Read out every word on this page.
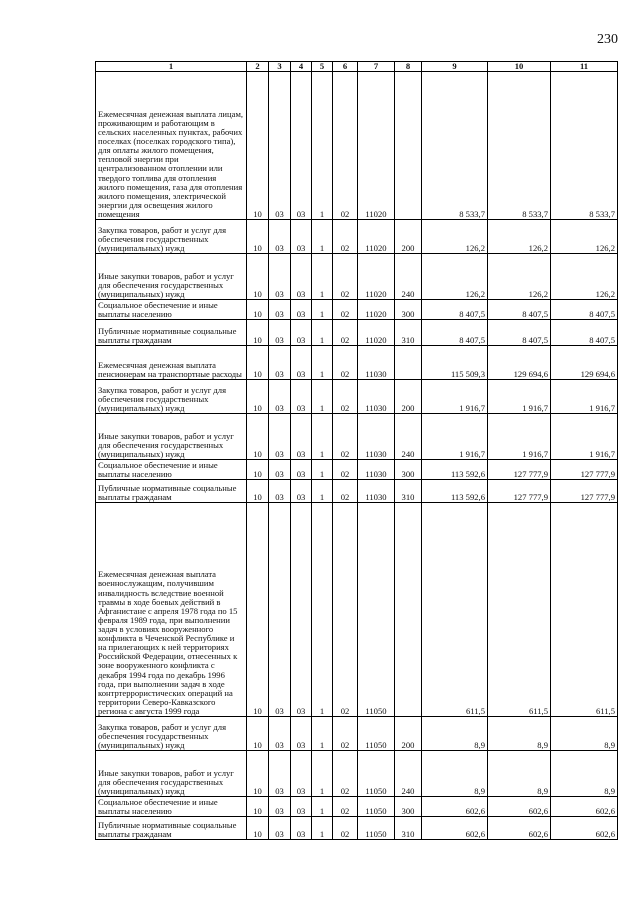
230
1	2	3	4	5	6	7	8	9	10	11
Ежемесячная денежная выплата лицам, проживающим и работающим в сельских населенных пунктах, рабочих поселках (поселках городского типа), для оплаты жилого помещения, тепловой энергии при централизованном отоплении или твердого топлива для отопления жилого помещения, газа для отопления жилого помещения, электрической энергии для освещения жилого помещения	10	03	03	1	02	11020		8 533,7	8 533,7	8 533,7
Закупка товаров, работ и услуг для обеспечения государственных (муниципальных) нужд	10	03	03	1	02	11020	200	126,2	126,2	126,2
Иные закупки товаров, работ и услуг для обеспечения государственных (муниципальных) нужд	10	03	03	1	02	11020	240	126,2	126,2	126,2
Социальное обеспечение и иные выплаты населению	10	03	03	1	02	11020	300	8 407,5	8 407,5	8 407,5
Публичные нормативные социальные выплаты гражданам	10	03	03	1	02	11020	310	8 407,5	8 407,5	8 407,5
Ежемесячная денежная выплата пенсионерам на транспортные расходы	10	03	03	1	02	11030		115 509,3	129 694,6	129 694,6
Закупка товаров, работ и услуг для обеспечения государственных (муниципальных) нужд	10	03	03	1	02	11030	200	1 916,7	1 916,7	1 916,7
Иные закупки товаров, работ и услуг для обеспечения государственных (муниципальных) нужд	10	03	03	1	02	11030	240	1 916,7	1 916,7	1 916,7
Социальное обеспечение и иные выплаты населению	10	03	03	1	02	11030	300	113 592,6	127 777,9	127 777,9
Публичные нормативные социальные выплаты гражданам	10	03	03	1	02	11030	310	113 592,6	127 777,9	127 777,9
Ежемесячная денежная выплата военнослужащим, получившим инвалидность вследствие военной травмы в ходе боевых действий в Афганистане с апреля 1978 года по 15 февраля 1989 года, при выполнении задач в условиях вооруженного конфликта в Чеченской Республике и на прилегающих к ней территориях Российской Федерации, отнесенных к зоне вооруженного конфликта с декабря 1994 года по декабрь 1996 года, при выполнении задач в ходе контртеррористических операций на территории Северо-Кавказского региона с августа 1999 года	10	03	03	1	02	11050		611,5	611,5	611,5
Закупка товаров, работ и услуг для обеспечения государственных (муниципальных) нужд	10	03	03	1	02	11050	200	8,9	8,9	8,9
Иные закупки товаров, работ и услуг для обеспечения государственных (муниципальных) нужд	10	03	03	1	02	11050	240	8,9	8,9	8,9
Социальное обеспечение и иные выплаты населению	10	03	03	1	02	11050	300	602,6	602,6	602,6
Публичные нормативные социальные выплаты гражданам	10	03	03	1	02	11050	310	602,6	602,6	602,6
